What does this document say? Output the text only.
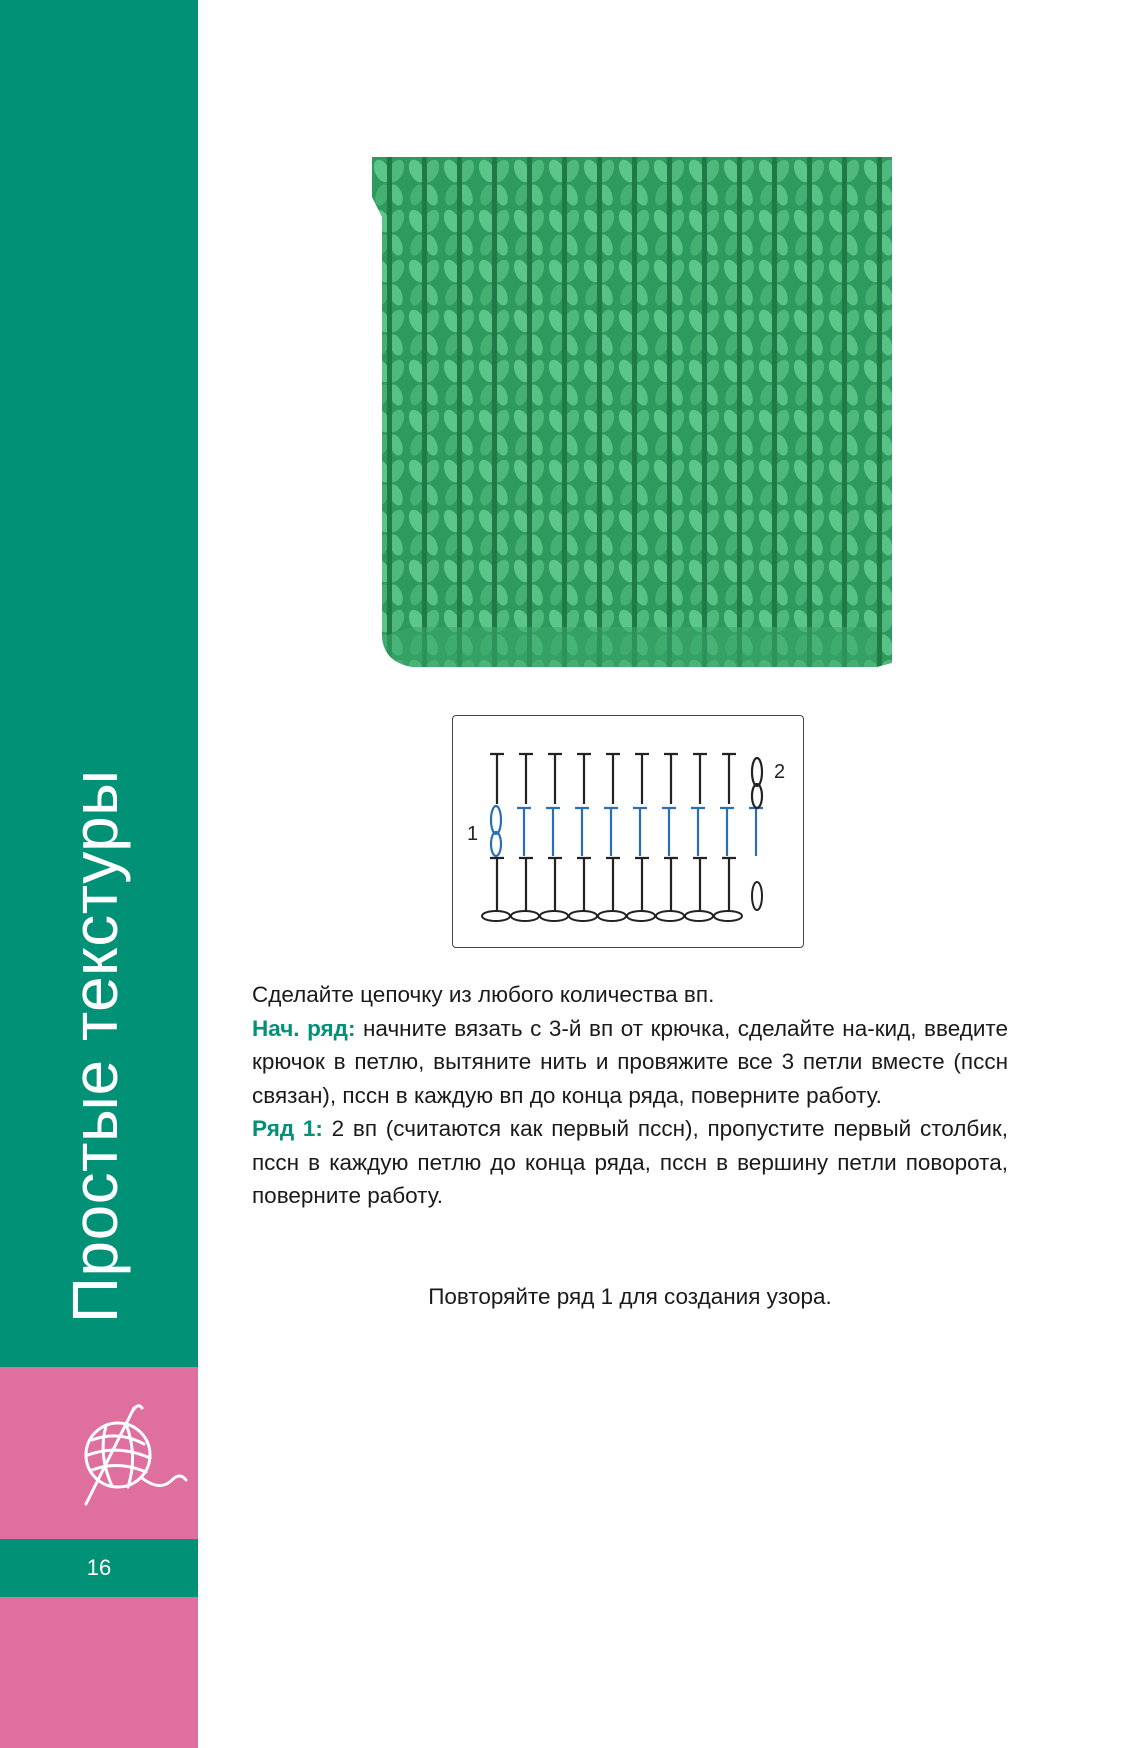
Простые текстуры
16
1
2

Сделайте цепочку из любого количества вп.

Нач. ряд: начните вязать с 3-й вп от крючка, сделайте на-кид, введите крючок в петлю, вытяните нить и провяжите все 3 петли вместе (пссн связан), пссн в каждую вп до конца ряда, поверните работу.

Ряд 1: 2 вп (считаются как первый пссн), пропустите первый столбик, пссн в каждую петлю до конца ряда, пссн в вершину петли поворота, поверните работу.

Повторяйте ряд 1 для создания узора.
